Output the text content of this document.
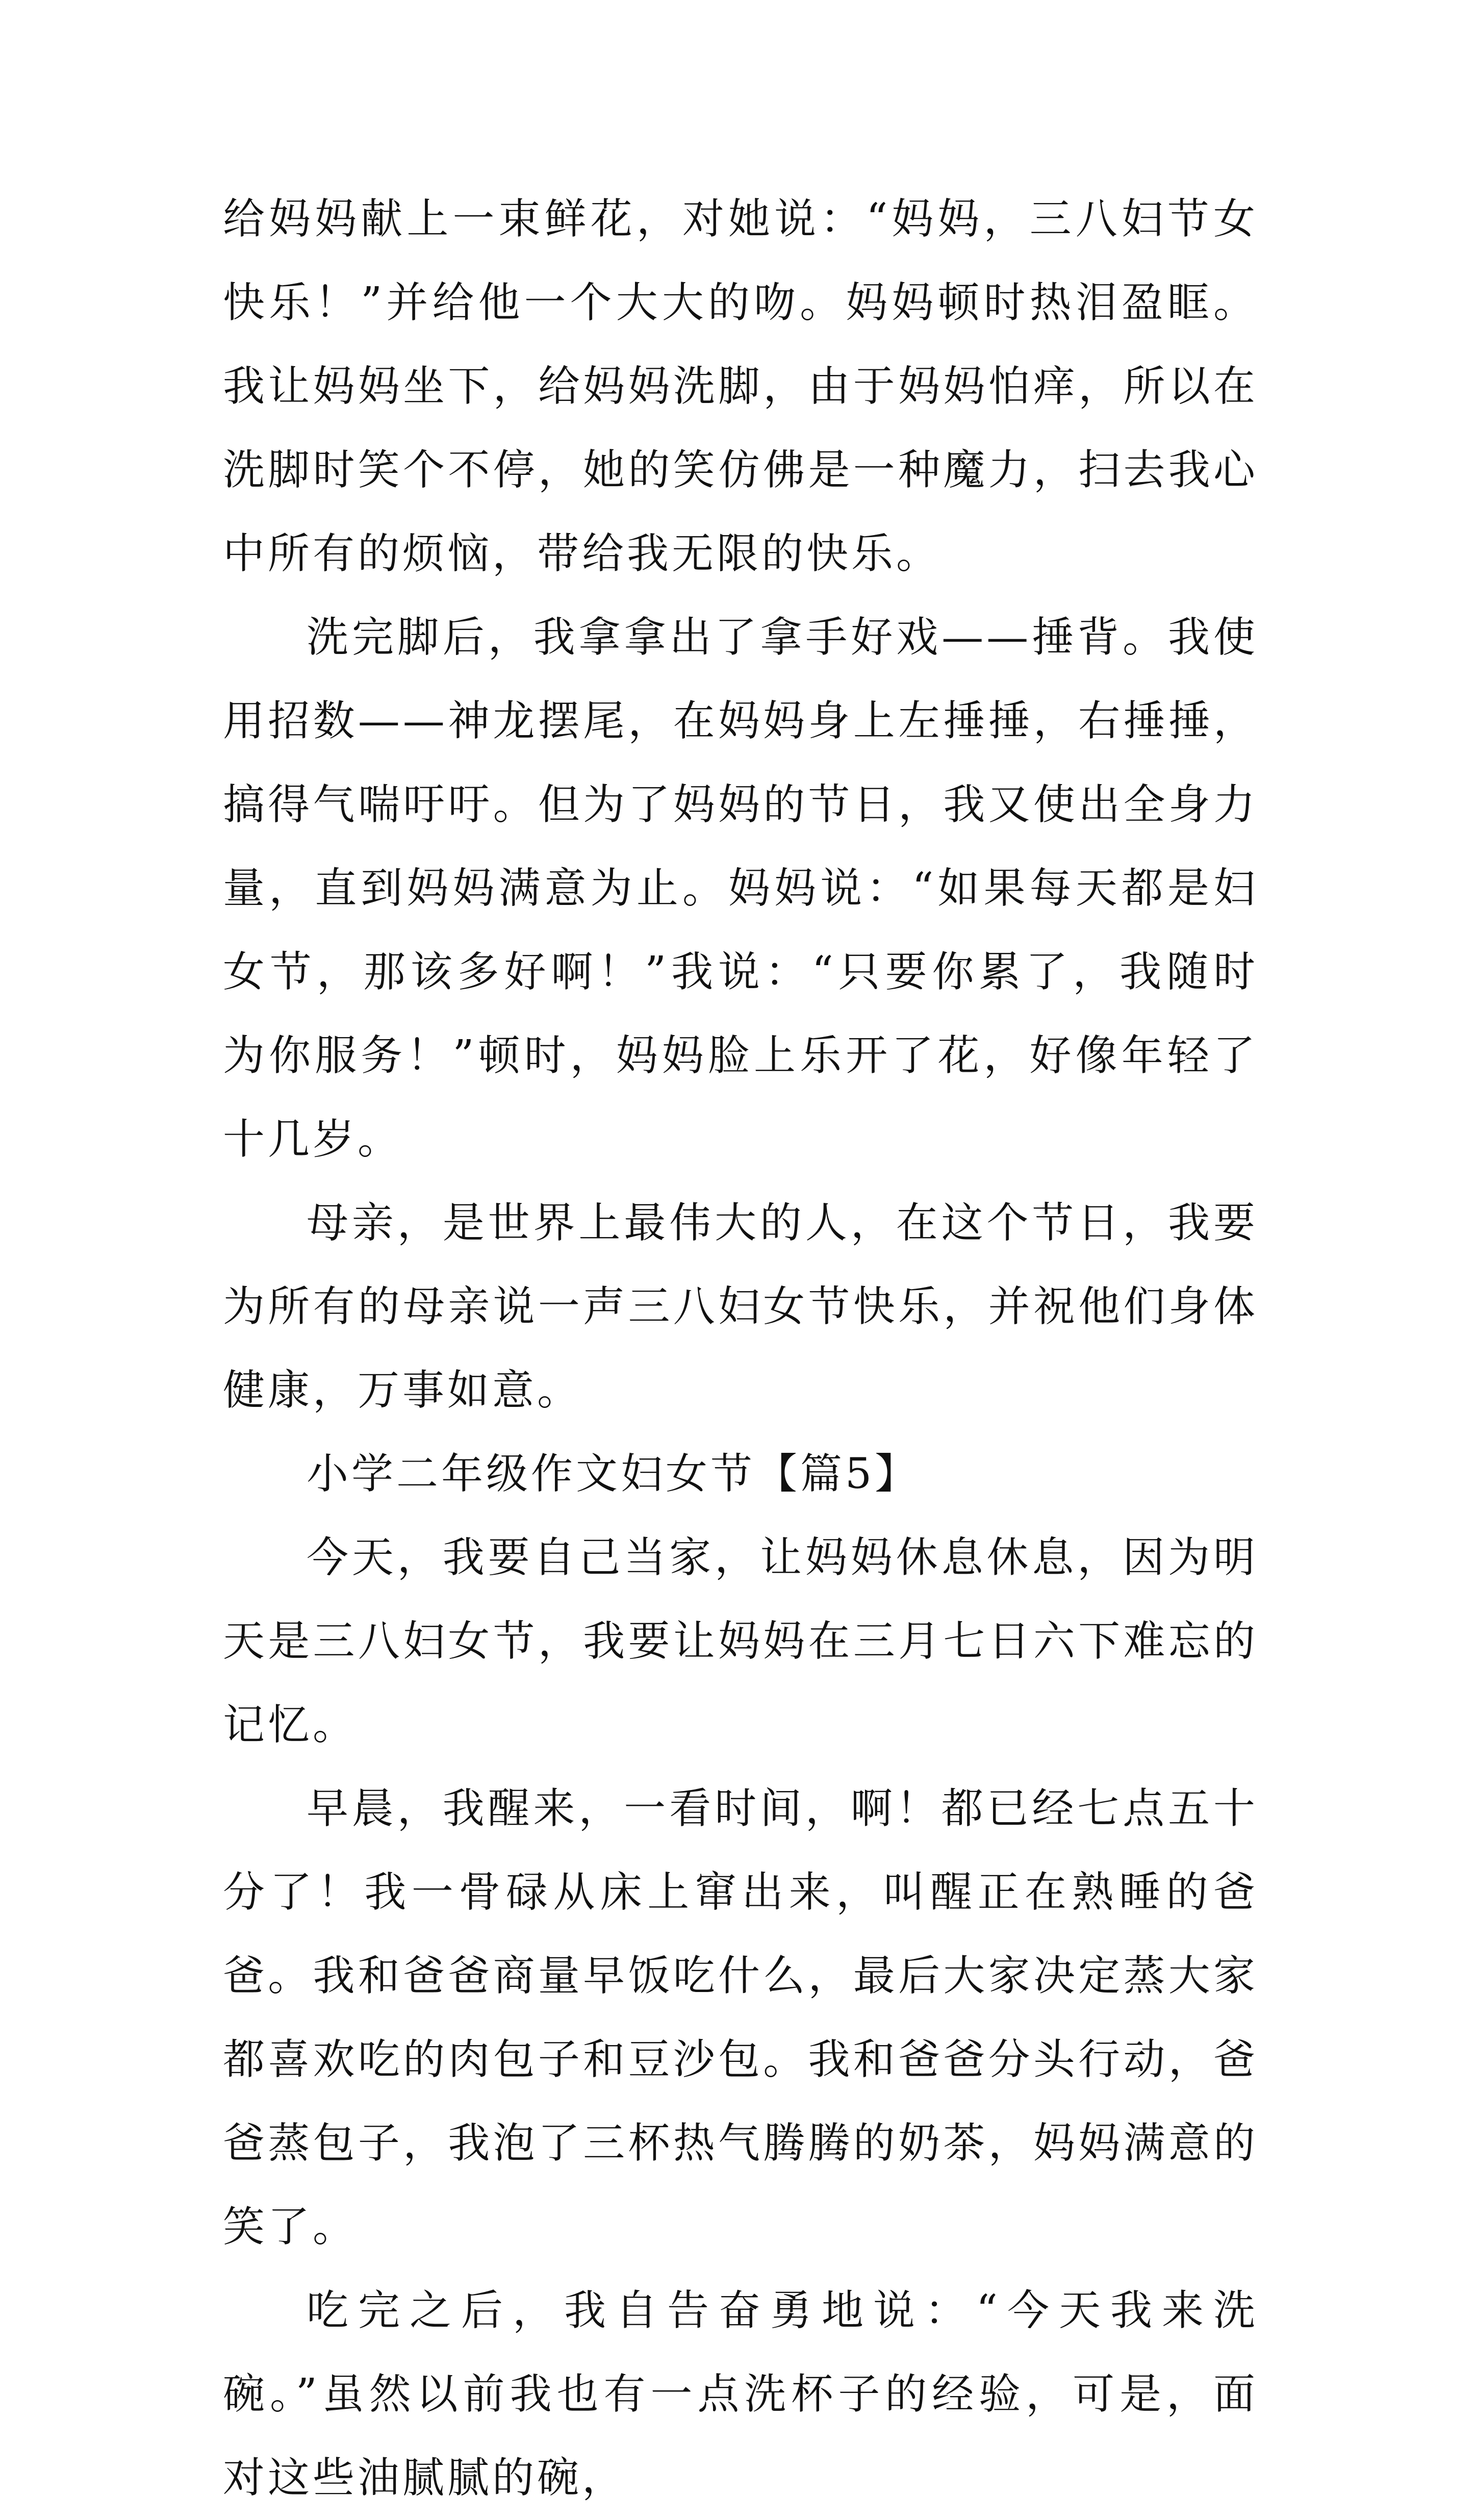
给妈妈献上一束鲜花，对她说：“妈妈，三八妇节女快乐！”并给他一个大大的吻。妈妈顿时热泪盈眶。我让妈妈坐下，给妈妈洗脚，由于妈妈怕痒，所以在洗脚时笑个不停，她的笑仿佛是一种魔力，扫去我心中所有的烦恼，带给我无限的快乐。

洗完脚后，我拿拿出了拿手好戏——捶背。我使用招数——神龙摆尾，在妈妈身上左捶捶，右捶捶，搞得气喘吁吁。但为了妈妈的节日，我又使出全身力量，直到妈妈满意为止。妈妈说：“如果每天都是妇女节，那该多好啊！”我说：“只要你累了，我随时为你服务！”顿时，妈妈脸上乐开了花，好像年轻了十几岁。

母亲，是世界上最伟大的人，在这个节日，我要为所有的母亲说一声三八妇女节快乐，并祝他们身体健康，万事如意。

小学二年级作文妇女节【篇5】

今天，我要自己当家，让妈妈休息休息，因为明天是三八妇女节，我要让妈妈在三月七日六下难忘的记忆。

早晨，我醒来，一看时间，啊！都已经七点五十分了！我一骨碌从床上窜出来，叫醒正在熟睡的爸爸。我和爸爸商量早饭吃什么，最后大家决定蒸大家都喜欢吃的肉包子和豆沙包。我和爸爸分头行动，爸爸蒸包子，我泡了三杯热气腾腾的奶茶，妈妈满意的笑了。

吃完之后，我自告奋勇地说：“今天我来洗碗。”虽然以前我也有一点洗杯子的经验，可是，面对这些油腻腻的碗，
